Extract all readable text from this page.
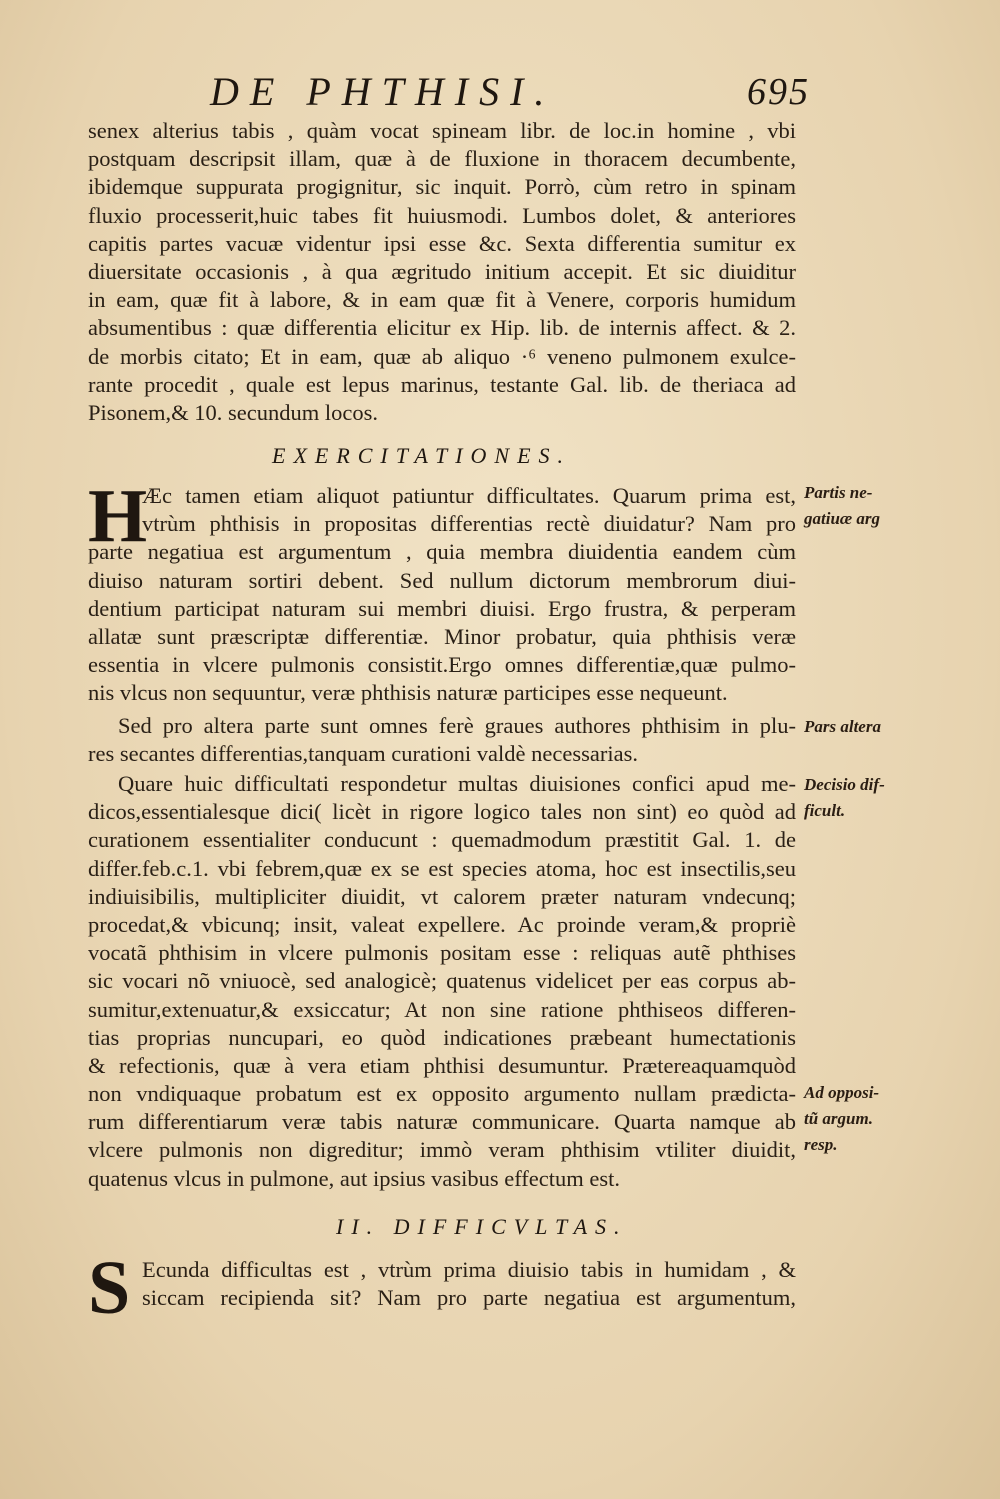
DE PHTHISI.	695
senex alterius tabis , quàm vocat spineam libr. de loc.in homine , vbi
postquam descripsit illam, quæ à de fluxione in thoracem decumbente,
ibidemque suppurata progignitur, sic inquit. Porrò, cùm retro in spinam
fluxio processerit,huic tabes fit huiusmodi. Lumbos dolet, & anteriores
capitis partes vacuæ videntur ipsi esse &c. Sexta differentia sumitur ex
diuersitate occasionis , à qua ægritudo initium accepit. Et sic diuiditur
in eam, quæ fit à labore, & in eam quæ fit à Venere, corporis humidum
absumentibus : quæ differentia elicitur ex Hip. lib. de internis affect. & 2.
de morbis citato; Et in eam, quæ ab aliquo ·⁶ veneno pulmonem exulce-
rante procedit , quale est lepus marinus, testante Gal. lib. de theriaca ad
Pisonem,& 10. secundum locos.
EXERCITATIONES.
H
Æc tamen etiam aliquot patiuntur difficultates. Quarum prima est,
vtrùm phthisis in propositas differentias rectè diuidatur? Nam pro
parte negatiua est argumentum , quia membra diuidentia eandem cùm
diuiso naturam sortiri debent. Sed nullum dictorum membrorum diui-
dentium participat naturam sui membri diuisi. Ergo frustra, & perperam
allatæ sunt præscriptæ differentiæ. Minor probatur, quia phthisis veræ
essentia in vlcere pulmonis consistit.Ergo omnes differentiæ,quæ pulmo-
nis vlcus non sequuntur, veræ phthisis naturæ participes esse nequeunt.
Sed pro altera parte sunt omnes ferè graues authores phthisim in plu-
res secantes differentias,tanquam curationi valdè necessarias.
Quare huic difficultati respondetur multas diuisiones confici apud me-
dicos,essentialesque dici( licèt in rigore logico tales non sint) eo quòd ad
curationem essentialiter conducunt : quemadmodum præstitit Gal. 1. de
differ.feb.c.1. vbi febrem,quæ ex se est species atoma, hoc est insectilis,seu
indiuisibilis, multipliciter diuidit, vt calorem præter naturam vndecunq;
procedat,& vbicunq; insit, valeat expellere. Ac proinde veram,& propriè
vocatã phthisim in vlcere pulmonis positam esse : reliquas autẽ phthises
sic vocari nõ vniuocè, sed analogicè; quatenus videlicet per eas corpus ab-
sumitur,extenuatur,& exsiccatur; At non sine ratione phthiseos differen-
tias proprias nuncupari, eo quòd indicationes præbeant humectationis
& refectionis, quæ à vera etiam phthisi desumuntur. Prætereaquamquòd
non vndiquaque probatum est ex opposito argumento nullam prædicta-
rum differentiarum veræ tabis naturæ communicare. Quarta namque ab
vlcere pulmonis non digreditur; immò veram phthisim vtiliter diuidit,
quatenus vlcus in pulmone, aut ipsius vasibus effectum est.
Partis ne-
gatiuæ arg
Pars altera
Decisio dif-
ficult.
Ad opposi-
tũ argum.
resp.
II. DIFFICVLTAS.
S Ecunda difficultas est , vtrùm prima diuisio tabis in humidam , &
siccam recipienda sit? Nam pro parte negatiua est argumentum,
